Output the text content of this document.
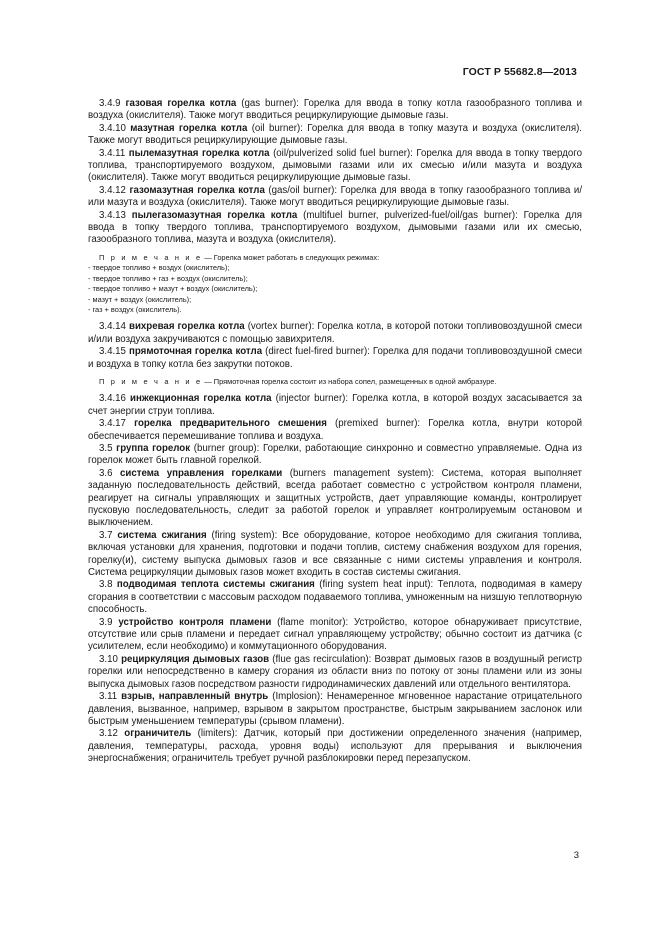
ГОСТ Р 55682.8—2013

3.4.9 газовая горелка котла (gas burner): Горелка для ввода в топку котла газообразного топлива и воздуха (окислителя). Также могут вводиться рециркулирующие дымовые газы.

3.4.10 мазутная горелка котла (oil burner): Горелка для ввода в топку мазута и воздуха (окислителя). Также могут вводиться рециркулирующие дымовые газы.

3.4.11 пылемазутная горелка котла (oil/pulverized solid fuel burner): Горелка для ввода в топку твердого топлива, транспортируемого воздухом, дымовыми газами или их смесью и/или мазута и воздуха (окислителя). Также могут вводиться рециркулирующие дымовые газы.

3.4.12 газомазутная горелка котла (gas/oil burner): Горелка для ввода в топку газообразного топлива и/или мазута и воздуха (окислителя). Также могут вводиться рециркулирующие дымовые газы.

3.4.13 пылегазомазутная горелка котла (multifuel burner, pulverized-fuel/oil/gas burner): Горелка для ввода в топку твердого топлива, транспортируемого воздухом, дымовыми газами или их смесью, газообразного топлива, мазута и воздуха (окислителя).

П р и м е ч а н и е — Горелка может работать в следующих режимах:

- твердое топливо + воздух (окислитель);
- твердое топливо + газ + воздух (окислитель);
- твердое топливо + мазут + воздух (окислитель);
- мазут + воздух (окислитель);
- газ + воздух (окислитель).

3.4.14 вихревая горелка котла (vortex burner): Горелка котла, в которой потоки топливовоздушной смеси и/или воздуха закручиваются с помощью завихрителя.

3.4.15 прямоточная горелка котла (direct fuel-fired burner): Горелка для подачи топливовоздушной смеси и воздуха в топку котла без закрутки потоков.

П р и м е ч а н и е — Прямоточная горелка состоит из набора сопел, размещенных в одной амбразуре.

3.4.16 инжекционная горелка котла (injector burner): Горелка котла, в которой воздух засасывается за счет энергии струи топлива.

3.4.17 горелка предварительного смешения (premixed burner): Горелка котла, внутри которой обеспечивается перемешивание топлива и воздуха.

3.5 группа горелок (burner group): Горелки, работающие синхронно и совместно управляемые. Одна из горелок может быть главной горелкой.

3.6 система управления горелками (burners management system): Система, которая выполняет заданную последовательность действий, всегда работает совместно с устройством контроля пламени, реагирует на сигналы управляющих и защитных устройств, дает управляющие команды, контролирует пусковую последовательность, следит за работой горелок и управляет контролируемым остановом и выключением.

3.7 система сжигания (firing system): Все оборудование, которое необходимо для сжигания топлива, включая установки для хранения, подготовки и подачи топлив, систему снабжения воздухом для горения, горелку(и), систему выпуска дымовых газов и все связанные с ними системы управления и контроля. Система рециркуляции дымовых газов может входить в состав системы сжигания.

3.8 подводимая теплота системы сжигания (firing system heat input): Теплота, подводимая в камеру сгорания в соответствии с массовым расходом подаваемого топлива, умноженным на низшую теплотворную способность.

3.9 устройство контроля пламени (flame monitor): Устройство, которое обнаруживает присутствие, отсутствие или срыв пламени и передает сигнал управляющему устройству; обычно состоит из датчика (с усилителем, если необходимо) и коммутационного оборудования.

3.10 рециркуляция дымовых газов (flue gas recirculation): Возврат дымовых газов в воздушный регистр горелки или непосредственно в камеру сгорания из области вниз по потоку от зоны пламени или из зоны выпуска дымовых газов посредством разности гидродинамических давлений или отдельного вентилятора.

3.11 взрыв, направленный внутрь (Implosion): Ненамеренное мгновенное нарастание отрицательного давления, вызванное, например, взрывом в закрытом пространстве, быстрым закрыванием заслонок или быстрым уменьшением температуры (срывом пламени).

3.12 ограничитель (limiters): Датчик, который при достижении определенного значения (например, давления, температуры, расхода, уровня воды) используют для прерывания и выключения энергоснабжения; ограничитель требует ручной разблокировки перед перезапуском.

3
